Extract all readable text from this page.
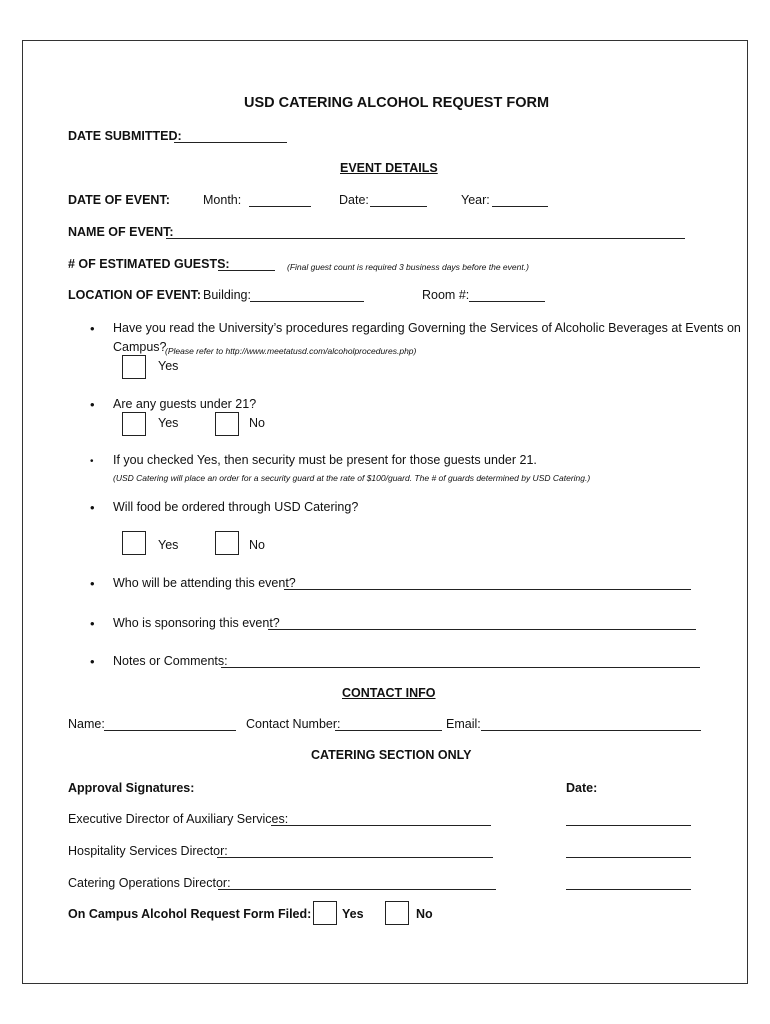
USD CATERING ALCOHOL REQUEST FORM
DATE SUBMITTED:
EVENT DETAILS
DATE OF EVENT:	Month:	Date:	Year:
NAME OF EVENT:
# OF ESTIMATED GUESTS:	(Final guest count is required 3 business days before the event.)
LOCATION OF EVENT: Building:	Room #:
• Have you read the University’s procedures regarding Governing the Services of Alcoholic Beverages at Events on
Campus?
(Please refer to http://www.meetatusd.com/alcoholprocedures.php)
Yes
• Are any guests under 21?
Yes	No
• If you checked Yes, then security must be present for those guests under 21.
(USD Catering will place an order for a security guard at the rate of $100/guard. The # of guards determined by USD Catering.)
• Will food be ordered through USD Catering?
Yes	No
• Who will be attending this event?
• Who is sponsoring this event?
• Notes or Comments:
CONTACT INFO
Name:	Contact Number:	Email:
CATERING SECTION ONLY
Approval Signatures:	Date:
Executive Director of Auxiliary Services:
Hospitality Services Director:
Catering Operations Director:
On Campus Alcohol Request Form Filed: Yes	No
